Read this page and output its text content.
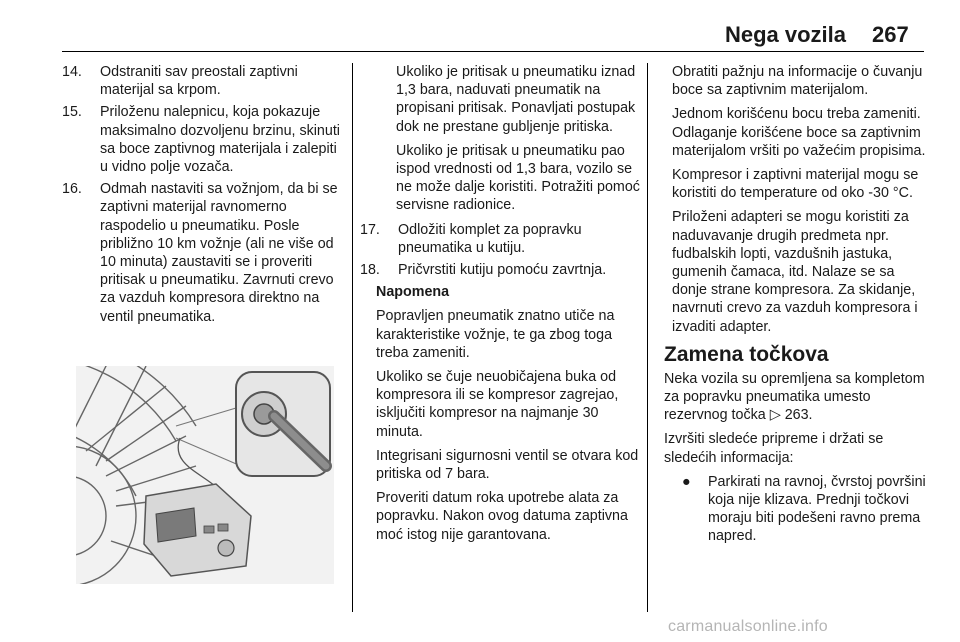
Nega vozila 267
14. Odstraniti sav preostali zaptivni materijal sa krpom.
15. Priloženu nalepnicu, koja pokazuje maksimalno dozvoljenu brzinu, skinuti sa boce zaptivnog materijala i zalepiti u vidno polje vozača.
16. Odmah nastaviti sa vožnjom, da bi se zaptivni materijal ravnomerno raspodelio u pneumatiku. Posle približno 10 km vožnje (ali ne više od 10 minuta) zaustaviti se i proveriti pritisak u pneumatiku. Zavrnuti crevo za vazduh kompresora direktno na ventil pneumatika.

Ukoliko je pritisak u pneumatiku iznad 1,3 bara, naduvati pneumatik na propisani pritisak. Ponavljati postupak dok ne prestane gubljenje pritiska.

Ukoliko je pritisak u pneumatiku pao ispod vrednosti od 1,3 bara, vozilo se ne može dalje koristiti. Potražiti pomoć servisne radionice.

17. Odložiti komplet za popravku pneumatika u kutiju.
18. Pričvrstiti kutiju pomoću zavrtnja.

Napomena

Popravljen pneumatik znatno utiče na karakteristike vožnje, te ga zbog toga treba zameniti.

Ukoliko se čuje neuobičajena buka od kompresora ili se kompresor zagrejao, isključiti kompresor na najmanje 30 minuta.

Integrisani sigurnosni ventil se otvara kod pritiska od 7 bara.

Proveriti datum roka upotrebe alata za popravku. Nakon ovog datuma zaptivna moć istog nije garantovana.

Obratiti pažnju na informacije o čuvanju boce sa zaptivnim materijalom.

Jednom korišćenu bocu treba zameniti. Odlaganje korišćene boce sa zaptivnim materijalom vršiti po važećim propisima.

Kompresor i zaptivni materijal mogu se koristiti do temperature od oko -30 °C.

Priloženi adapteri se mogu koristiti za naduvavanje drugih predmeta npr. fudbalskih lopti, vazdušnih jastuka, gumenih čamaca, itd. Nalaze se sa donje strane kompresora. Za skidanje, navrnuti crevo za vazduh kompresora i izvaditi adapter.

Zamena točkova

Neka vozila su opremljena sa kompletom za popravku pneumatika umesto rezervnog točka ▷ 263.

Izvršiti sledeće pripreme i držati se sledećih informacija:

● Parkirati na ravnoj, čvrstoj površini koja nije klizava. Prednji točkovi moraju biti podešeni ravno prema napred.
carmanualsonline.info
